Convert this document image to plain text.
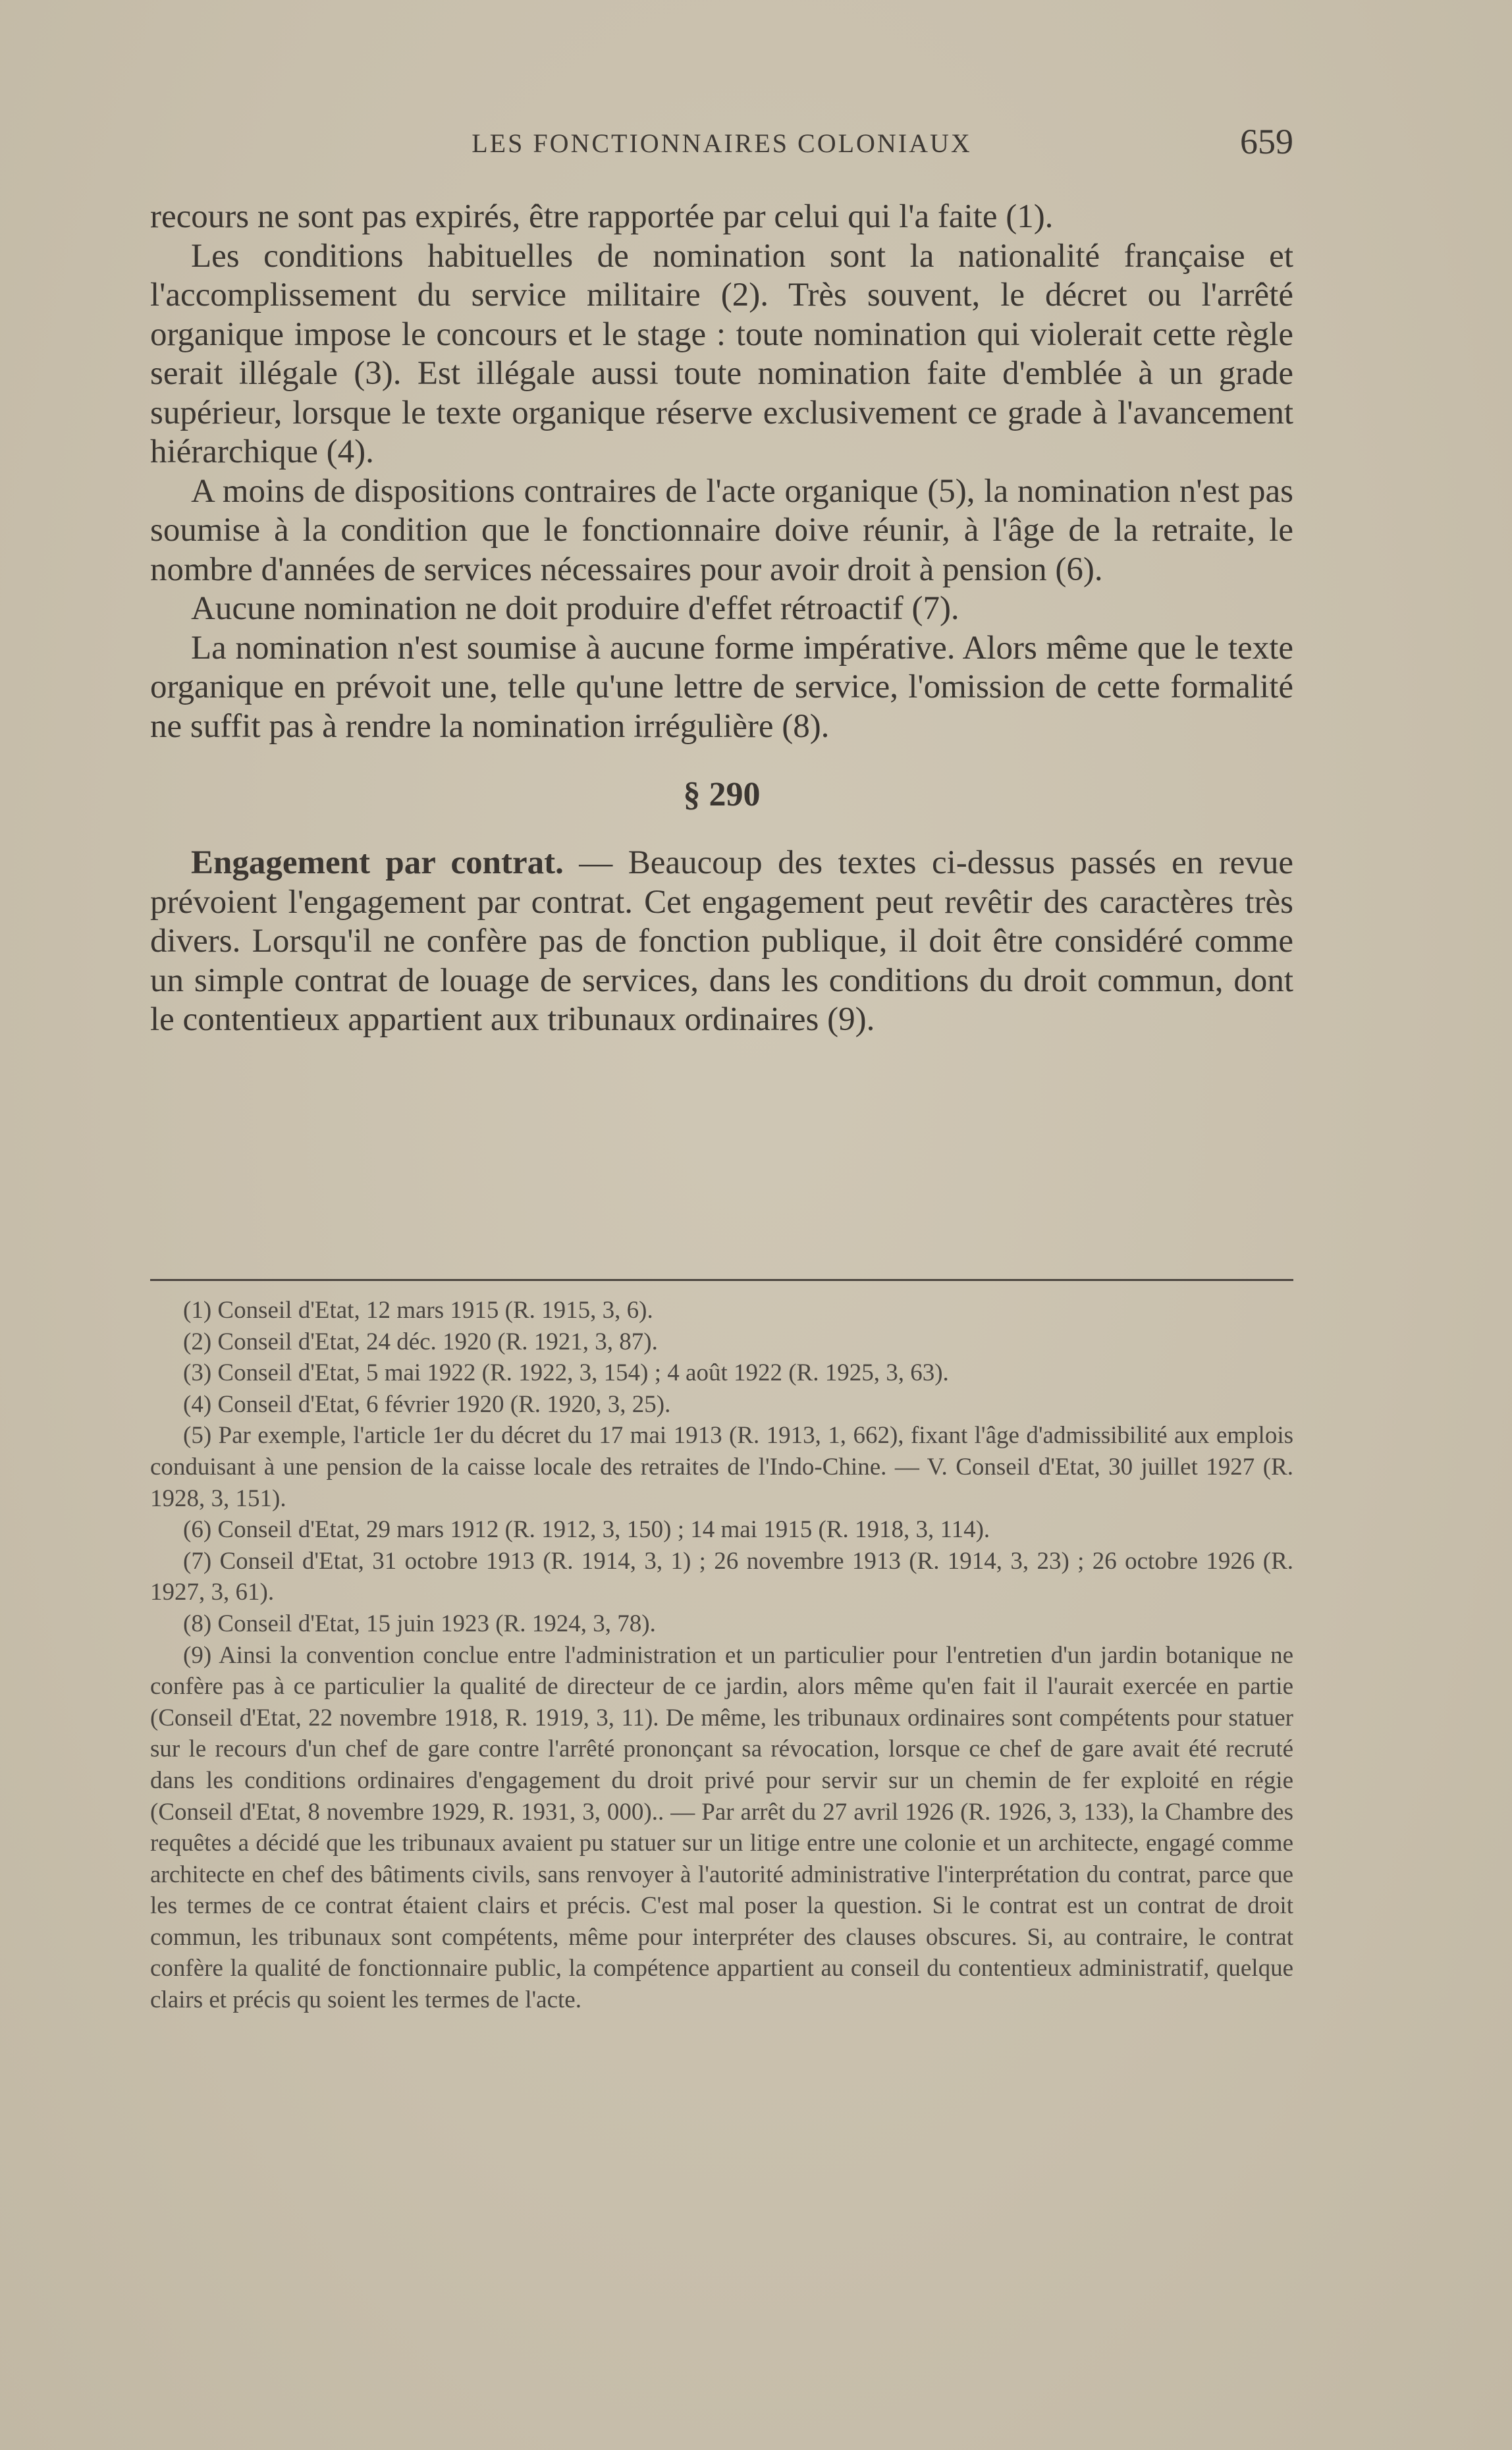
LES FONCTIONNAIRES COLONIAUX	659

recours ne sont pas expirés, être rapportée par celui qui l'a faite (1).

Les conditions habituelles de nomination sont la nationalité française et l'accomplissement du service militaire (2). Très souvent, le décret ou l'arrêté organique impose le concours et le stage : toute nomination qui violerait cette règle serait illégale (3). Est illégale aussi toute nomination faite d'emblée à un grade supérieur, lorsque le texte organique réserve exclusivement ce grade à l'avancement hiérarchique (4).

A moins de dispositions contraires de l'acte organique (5), la nomination n'est pas soumise à la condition que le fonctionnaire doive réunir, à l'âge de la retraite, le nombre d'années de services nécessaires pour avoir droit à pension (6).

Aucune nomination ne doit produire d'effet rétroactif (7).

La nomination n'est soumise à aucune forme impérative. Alors même que le texte organique en prévoit une, telle qu'une lettre de service, l'omission de cette formalité ne suffit pas à rendre la nomination irrégulière (8).

§ 290

Engagement par contrat. — Beaucoup des textes ci-dessus passés en revue prévoient l'engagement par contrat. Cet engagement peut revêtir des caractères très divers. Lorsqu'il ne confère pas de fonction publique, il doit être considéré comme un simple contrat de louage de services, dans les conditions du droit commun, dont le contentieux appartient aux tribunaux ordinaires (9).

(1) Conseil d'Etat, 12 mars 1915 (R. 1915, 3, 6).

(2) Conseil d'Etat, 24 déc. 1920 (R. 1921, 3, 87).

(3) Conseil d'Etat, 5 mai 1922 (R. 1922, 3, 154) ; 4 août 1922 (R. 1925, 3, 63).

(4) Conseil d'Etat, 6 février 1920 (R. 1920, 3, 25).

(5) Par exemple, l'article 1er du décret du 17 mai 1913 (R. 1913, 1, 662), fixant l'âge d'admissibilité aux emplois conduisant à une pension de la caisse locale des retraites de l'Indo-Chine. — V. Conseil d'Etat, 30 juillet 1927 (R. 1928, 3, 151).

(6) Conseil d'Etat, 29 mars 1912 (R. 1912, 3, 150) ; 14 mai 1915 (R. 1918, 3, 114).

(7) Conseil d'Etat, 31 octobre 1913 (R. 1914, 3, 1) ; 26 novembre 1913 (R. 1914, 3, 23) ; 26 octobre 1926 (R. 1927, 3, 61).

(8) Conseil d'Etat, 15 juin 1923 (R. 1924, 3, 78).

(9) Ainsi la convention conclue entre l'administration et un particulier pour l'entretien d'un jardin botanique ne confère pas à ce particulier la qualité de directeur de ce jardin, alors même qu'en fait il l'aurait exercée en partie (Conseil d'Etat, 22 novembre 1918, R. 1919, 3, 11). De même, les tribunaux ordinaires sont compétents pour statuer sur le recours d'un chef de gare contre l'arrêté prononçant sa révocation, lorsque ce chef de gare avait été recruté dans les conditions ordinaires d'engagement du droit privé pour servir sur un chemin de fer exploité en régie (Conseil d'Etat, 8 novembre 1929, R. 1931, 3, 000).. — Par arrêt du 27 avril 1926 (R. 1926, 3, 133), la Chambre des requêtes a décidé que les tribunaux avaient pu statuer sur un litige entre une colonie et un architecte, engagé comme architecte en chef des bâtiments civils, sans renvoyer à l'autorité administrative l'interprétation du contrat, parce que les termes de ce contrat étaient clairs et précis. C'est mal poser la question. Si le contrat est un contrat de droit commun, les tribunaux sont compétents, même pour interpréter des clauses obscures. Si, au contraire, le contrat confère la qualité de fonctionnaire public, la compétence appartient au conseil du contentieux administratif, quelque clairs et précis qu soient les termes de l'acte.
